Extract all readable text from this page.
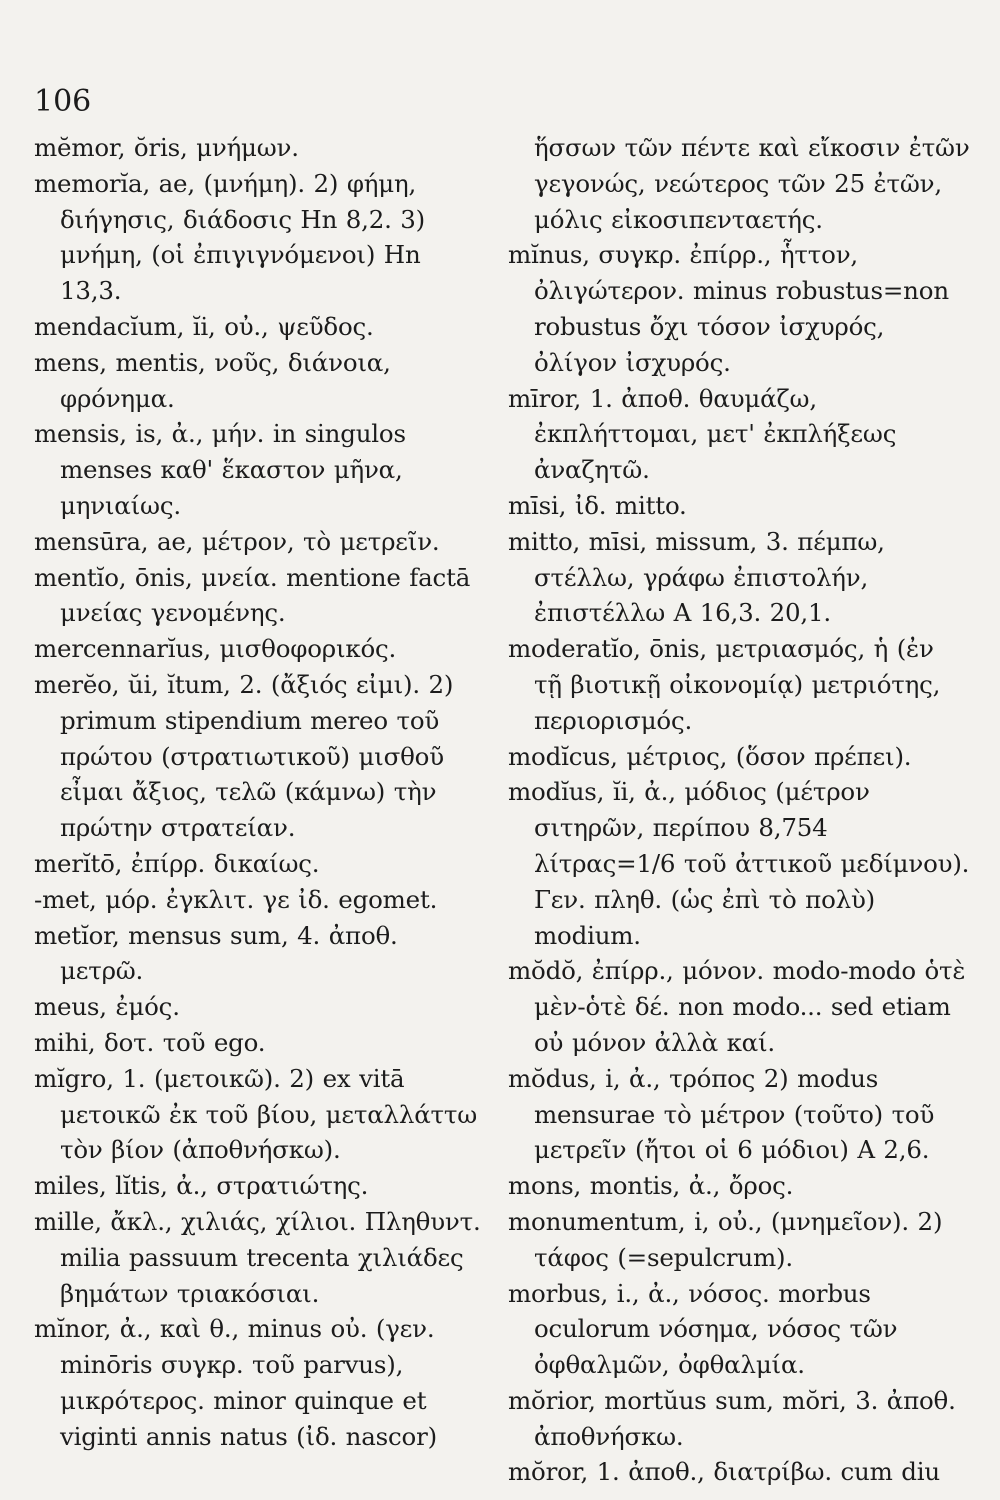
106

mĕmor, ŏris, μνήμων.

memorĭa, ae, (μνήμη). 2) φήμη, διήγησις, διάδοσις Hn 8,2. 3) μνήμη, (οἱ ἐπιγιγνόμενοι) Hn 13,3.

mendacĭum, ĭi, οὐ., ψεῦδος.

mens, mentis, νοῦς, διάνοια, φρόνημα.

mensis, is, ἀ., μήν. in singulos menses καθ' ἕκαστον μῆνα, μηνιαίως.

mensūra, ae, μέτρον, τὸ μετρεῖν.

mentĭo, ōnis, μνεία. mentione factā μνείας γενομένης.

mercennarĭus, μισθοφορικός.

merĕo, ŭi, ĭtum, 2. (ἄξιός εἰμι). 2) primum stipendium mereo τοῦ πρώτου (στρατιωτικοῦ) μισθοῦ εἶμαι ἄξιος, τελῶ (κάμνω) τὴν πρώτην στρατείαν.

merĭtō, ἐπίρρ. δικαίως.

-met, μόρ. ἐγκλιτ. γε ἰδ. egomet.

metĭor, mensus sum, 4. ἀποθ. μετρῶ.

meus, ἐμός.

mihi, δοτ. τοῦ ego.

mĭgro, 1. (μετοικῶ). 2) ex vitā μετοικῶ ἐκ τοῦ βίου, μεταλλάττω τὸν βίον (ἀποθνήσκω).

miles, lĭtis, ἀ., στρατιώτης.

mille, ἄκλ., χιλιάς, χίλιοι. Πληθυντ. milia passuum trecenta χιλιάδες βημάτων τριακόσιαι.

mĭnor, ἀ., καὶ θ., minus οὐ. (γεν. minōris συγκρ. τοῦ parvus), μικρότερος. minor quinque et viginti annis natus (ἰδ. nascor)

ἥσσων τῶν πέντε καὶ εἴκοσιν ἐτῶν γεγονώς, νεώτερος τῶν 25 ἐτῶν, μόλις εἰκοσιπενταετής.

mĭnus, συγκρ. ἐπίρρ., ἧττον, ὀλιγώτερον. minus robustus=non robustus ὄχι τόσον ἰσχυρός, ὀλίγον ἰσχυρός.

mīror, 1. ἀποθ. θαυμάζω, ἐκπλήττομαι, μετ' ἐκπλήξεως ἀναζητῶ.

mīsi, ἰδ. mitto.

mitto, mīsi, missum, 3. πέμπω, στέλλω, γράφω ἐπιστολήν, ἐπιστέλλω A 16,3. 20,1.

moderatĭo, ōnis, μετριασμός, ἡ (ἐν τῇ βιοτικῇ οἰκονομίᾳ) μετριότης, περιορισμός.

modĭcus, μέτριος, (ὅσον πρέπει).

modĭus, ĭi, ἀ., μόδιος (μέτρον σιτηρῶν, περίπου 8,754 λίτρας=1/6 τοῦ ἀττικοῦ μεδίμνου). Γεν. πληθ. (ὡς ἐπὶ τὸ πολὺ) modium.

mŏdŏ, ἐπίρρ., μόνον. modo-modo ὁτὲ μὲν-ὁτὲ δέ. non modo... sed etiam οὐ μόνον ἀλλὰ καί.

mŏdus, i, ἀ., τρόπος 2) modus mensurae τὸ μέτρον (τοῦτο) τοῦ μετρεῖν (ἤτοι οἱ 6 μόδιοι) A 2,6.

mons, montis, ἀ., ὄρος.

monumentum, i, οὐ., (μνημεῖον). 2) τάφος (=sepulcrum).

morbus, i., ἀ., νόσος. morbus oculorum νόσημα, νόσος τῶν ὀφθαλμῶν, ὀφθαλμία.

mŏrior, mortŭus sum, mŏri, 3. ἀποθ. ἀποθνήσκω.

mŏror, 1. ἀποθ., διατρίβω. cum diu
